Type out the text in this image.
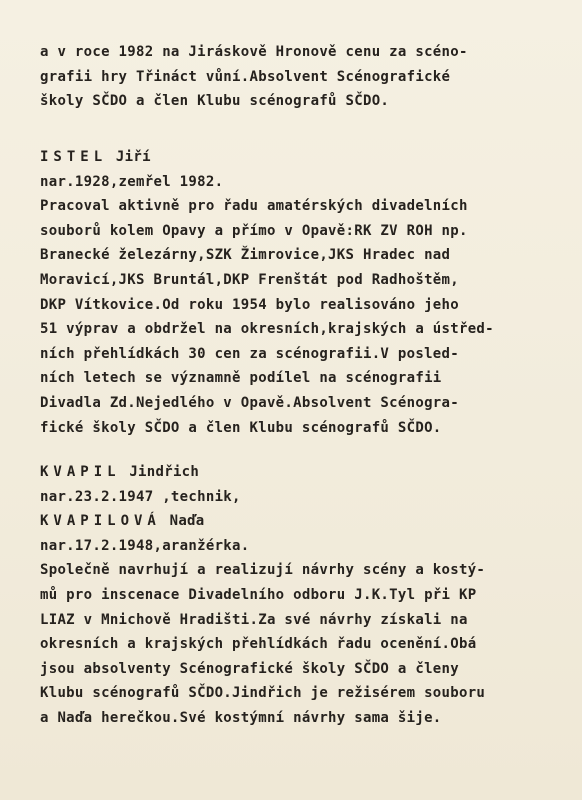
a v roce 1982 na Jiráskově Hronově cenu za scéno-
grafii hry Třináct vůní.Absolvent Scénografické
školy SČDO a člen Klubu scénografů SČDO.
ISTEL Jiří
nar.1928,zemřel 1982.
Pracoval aktivně pro řadu amatérských divadelních
souborů kolem Opavy a přímo v Opavě:RK ZV ROH np.
Branecké železárny,SZK Žimrovice,JKS Hradec nad
Moravicí,JKS Bruntál,DKP Frenštát pod Radhoštěm,
DKP Vítkovice.Od roku 1954 bylo realisováno jeho
51 výprav a obdržel na okresních,krajských a ústřed-
ních přehlídkách 30 cen za scénografii.V posled-
ních letech se významně podílel na scénografii
Divadla Zd.Nejedlého v Opavě.Absolvent Scénogra-
fické školy SČDO a člen Klubu scénografů SČDO.
KVAPIL Jindřich
nar.23.2.1947 ,technik,
KVAPILOVÁ Naďa
nar.17.2.1948,aranžérka.
Společně navrhují a realizují návrhy scény a kostý-
mů pro inscenace Divadelního odboru J.K.Tyl při KP
LIAZ v Mnichově Hradišti.Za své návrhy získali na
okresních a krajských přehlídkách řadu ocenění.Obá
jsou absolventy Scénografické školy SČDO a členy
Klubu scénografů SČDO.Jindřich je režisérem souboru
a Naďa herečkou.Své kostýmní návrhy sama šije.
